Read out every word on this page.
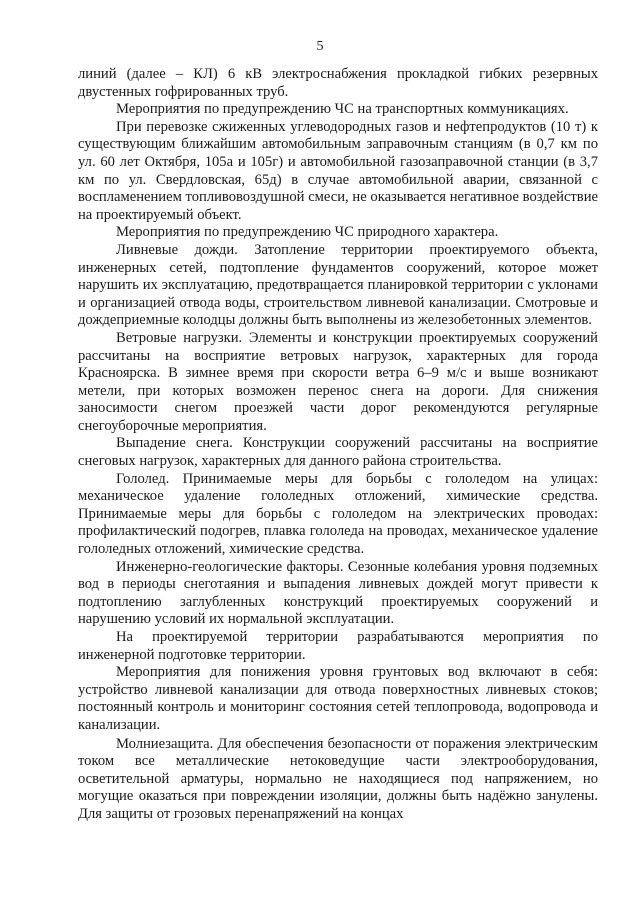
5

линий (далее – КЛ) 6 кВ электроснабжения прокладкой гибких резервных двустенных гофрированных труб.

Мероприятия по предупреждению ЧС на транспортных коммуникациях.

При перевозке сжиженных углеводородных газов и нефтепродуктов (10 т) к существующим ближайшим автомобильным заправочным станциям (в 0,7 км по ул. 60 лет Октября, 105а и 105г) и автомобильной газозаправочной станции (в 3,7 км по ул. Свердловская, 65д) в случае автомобильной аварии, связанной с воспламенением топливовоздушной смеси, не оказывается негативное воздействие на проектируемый объект.

Мероприятия по предупреждению ЧС природного характера.

Ливневые дожди. Затопление территории проектируемого объекта, инженерных сетей, подтопление фундаментов сооружений, которое может нарушить их эксплуатацию, предотвращается планировкой территории с уклонами и организацией отвода воды, строительством ливневой канализации. Смотровые и дождеприемные колодцы должны быть выполнены из железобетонных элементов.

Ветровые нагрузки. Элементы и конструкции проектируемых сооружений рассчитаны на восприятие ветровых нагрузок, характерных для города Красноярска. В зимнее время при скорости ветра 6–9 м/с и выше возникают метели, при которых возможен перенос снега на дороги. Для снижения заносимости снегом проезжей части дорог рекомендуются регулярные снегоуборочные мероприятия.

Выпадение снега. Конструкции сооружений рассчитаны на восприятие снеговых нагрузок, характерных для данного района строительства.

Гололед. Принимаемые меры для борьбы с гололедом на улицах: механическое удаление гололедных отложений, химические средства. Принимаемые меры для борьбы с гололедом на электрических проводах: профилактический подогрев, плавка гололеда на проводах, механическое удаление гололедных отложений, химические средства.

Инженерно-геологические факторы. Сезонные колебания уровня подземных вод в периоды снеготаяния и выпадения ливневых дождей могут привести к подтоплению заглубленных конструкций проектируемых сооружений и нарушению условий их нормальной эксплуатации.

На проектируемой территории разрабатываются мероприятия по инженерной подготовке территории.

Мероприятия для понижения уровня грунтовых вод включают в себя: устройство ливневой канализации для отвода поверхностных ливневых стоков; постоянный контроль и мониторинг состояния сетей теплопровода, водопровода и канализации.

Молниезащита. Для обеспечения безопасности от поражения электрическим током все металлические нетоковедущие части электрооборудования, осветительной арматуры, нормально не находящиеся под напряжением, но могущие оказаться при повреждении изоляции, должны быть надёжно занулены. Для защиты от грозовых перенапряжений на концах
